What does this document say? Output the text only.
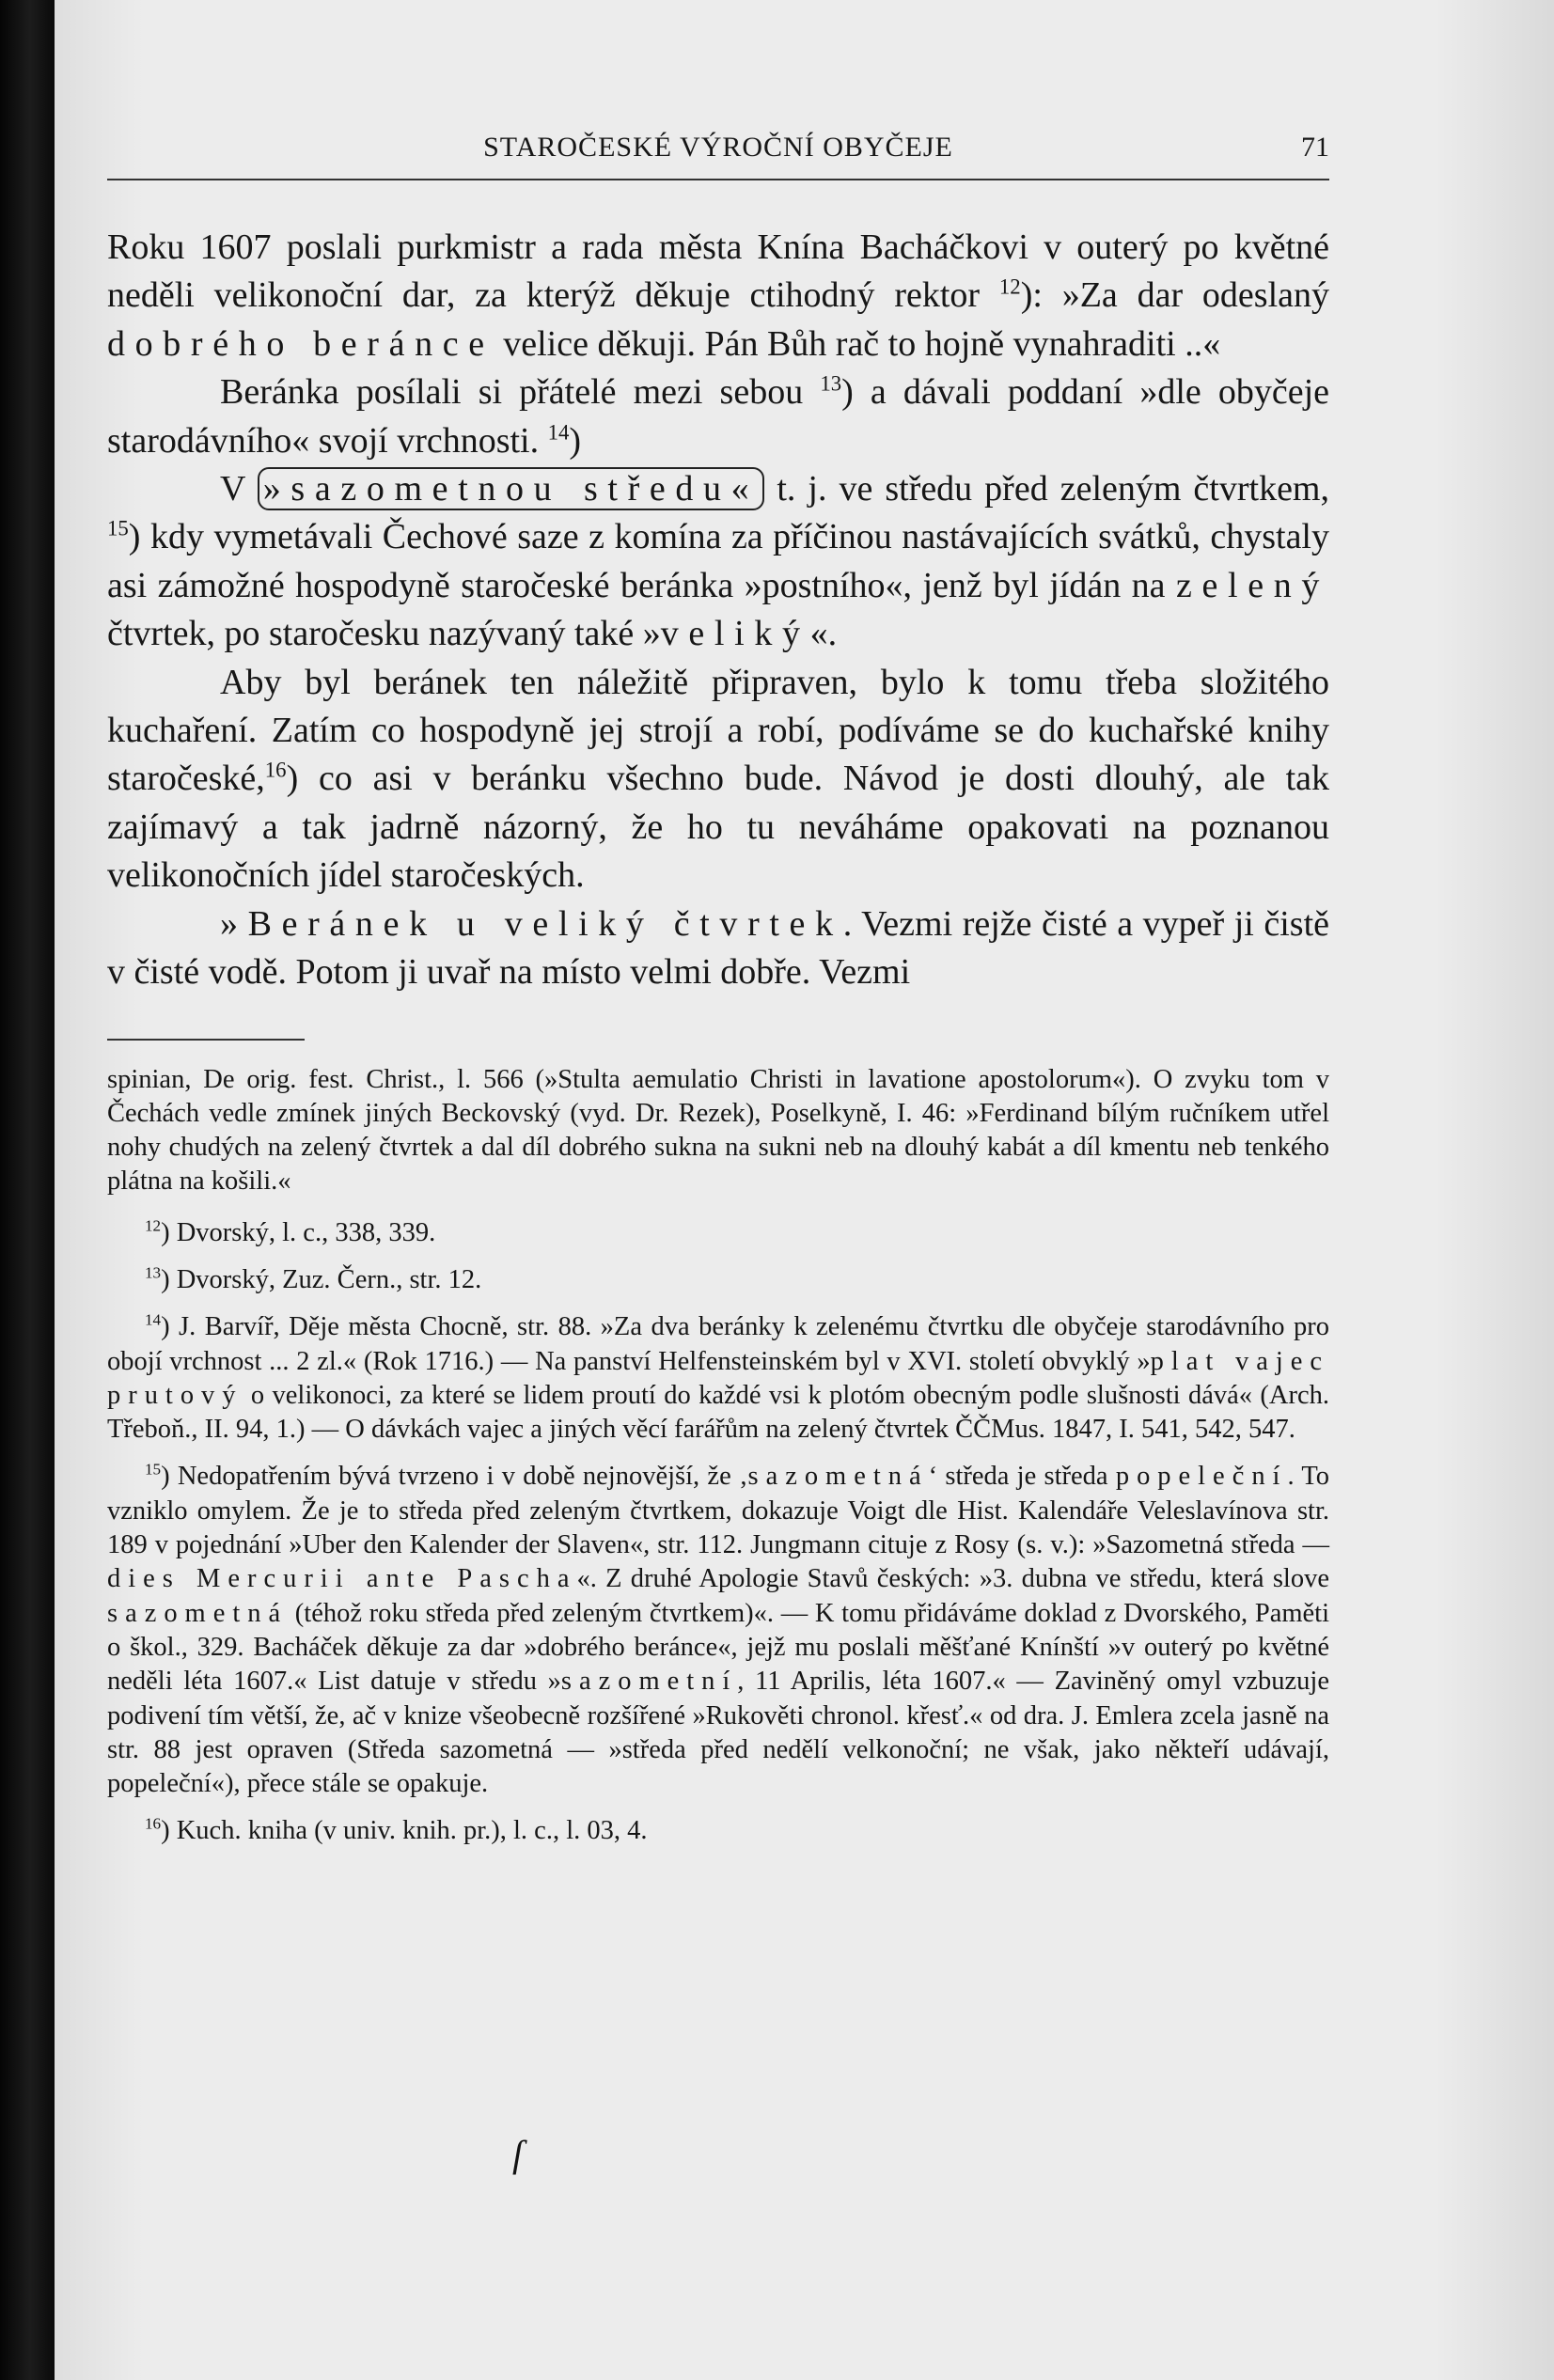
STAROČESKÉ VÝROČNÍ OBYČEJE	71

Roku 1607 poslali purkmistr a rada města Knína Bacháčkovi v outerý po květné neděli velikonoční dar, za kterýž děkuje ctihodný rektor $^{12}$): »Za dar odeslaný dobrého beránce velice děkuji. Pán Bůh rač to hojně vynahraditi ..«

Beránka posílali si přátelé mezi sebou $^{13}$) a dávali poddaní »dle obyčeje starodávního« svojí vrchnosti. $^{14}$)

V »sazometnou středu« t. j. ve středu před zeleným čtvrtkem, $^{15}$) kdy vymetávali Čechové saze z komína za příčinou nastávajících svátků, chystaly asi zámožné hospodyně staročeské beránka »postního«, jenž byl jídán na zelený čtvrtek, po staročesku nazývaný také »veliký«.

Aby byl beránek ten náležitě připraven, bylo k tomu třeba složitého kuchaření. Zatím co hospodyně jej strojí a robí, podíváme se do kuchařské knihy staročeské,$^{16}$) co asi v beránku všechno bude. Návod je dosti dlouhý, ale tak zajímavý a tak jadrně názorný, že ho tu neváháme opakovati na poznanou velikonočních jídel staročeských.

»Beránek u veliký čtvrtek. Vezmi rejže čisté a vypeř ji čistě v čisté vodě. Potom ji uvař na místo velmi dobře. Vezmi

spinian, De orig. fest. Christ., l. 566 (»Stulta aemulatio Christi in lavatione apostolorum«). O zvyku tom v Čechách vedle zmínek jiných Beckovský (vyd. Dr. Rezek), Poselkyně, I. 46: »Ferdinand bílým ručníkem utřel nohy chudých na zelený čtvrtek a dal díl dobrého sukna na sukni neb na dlouhý kabát a díl kmentu neb tenkého plátna na košili.«

$^{12}$) Dvorský, l. c., 338, 339.

$^{13}$) Dvorský, Zuz. Čern., str. 12.

$^{14}$) J. Barvíř, Děje města Chocně, str. 88. »Za dva beránky k zelenému čtvrtku dle obyčeje starodávního pro obojí vrchnost ... 2 zl.« (Rok 1716.) — Na panství Helfensteinském byl v XVI. století obvyklý »plat vajec prutový o velikonoci, za které se lidem proutí do každé vsi k plotóm obecným podle slušnosti dává« (Arch. Třeboň., II. 94, 1.) — O dávkách vajec a jiných věcí farářům na zelený čtvrtek ČČMus. 1847, I. 541, 542, 547.

$^{15}$) Nedopatřením bývá tvrzeno i v době nejnovější, že ‚sazometná‘ středa je středa popeleční. To vzniklo omylem. Že je to středa před zeleným čtvrtkem, dokazuje Voigt dle Hist. Kalendáře Veleslavínova str. 189 v pojednání »Uber den Kalender der Slaven«, str. 112. Jungmann cituje z Rosy (s. v.): »Sazometná středa — dies Mercurii ante Pascha«. Z druhé Apologie Stavů českých: »3. dubna ve středu, která slove sazometná (téhož roku středa před zeleným čtvrtkem)«. — K tomu přidáváme doklad z Dvorského, Paměti o škol., 329. Bacháček děkuje za dar »dobrého beránce«, jejž mu poslali měšťané Knínští »v outerý po květné neděli léta 1607.« List datuje v středu »sazometní, 11 Aprilis, léta 1607.« — Zaviněný omyl vzbuzuje podivení tím větší, že, ač v knize všeobecně rozšířené »Rukověti chronol. křesť.« od dra. J. Emlera zcela jasně na str. 88 jest opraven (Středa sazometná — »středa před nedělí velkonoční; ne však, jako někteří udávají, popeleční«), přece stále se opakuje.

$^{16}$) Kuch. kniha (v univ. knih. pr.), l. c., l. 03, 4.

ſ
